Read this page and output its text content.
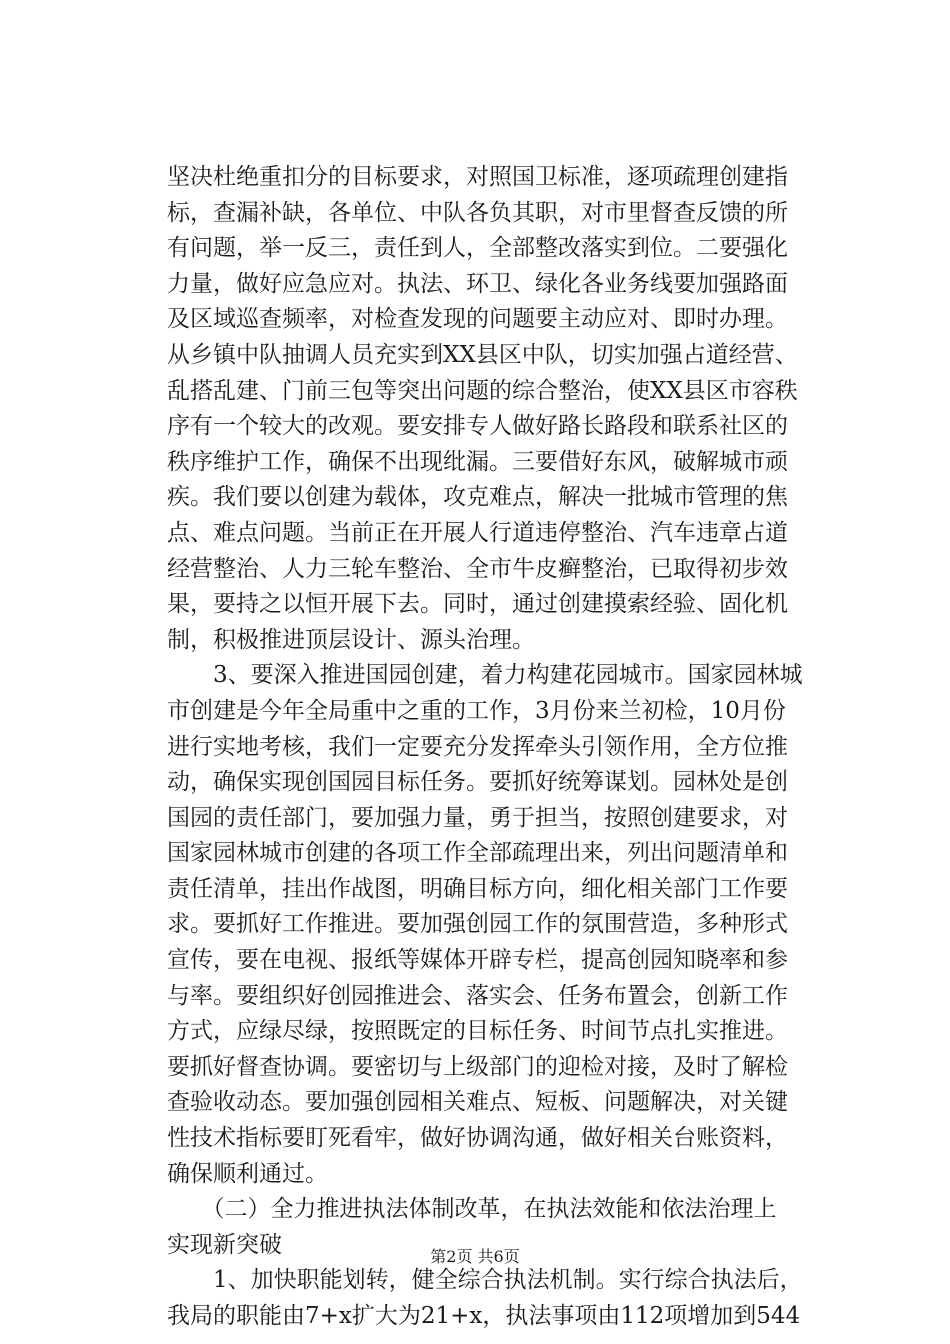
坚决杜绝重扣分的目标要求，对照国卫标准，逐项疏理创建指
标，查漏补缺，各单位、中队各负其职，对市里督查反馈的所
有问题，举一反三，责任到人，全部整改落实到位。二要强化
力量，做好应急应对。执法、环卫、绿化各业务线要加强路面
及区域巡查频率，对检查发现的问题要主动应对、即时办理。
从乡镇中队抽调人员充实到XX县区中队，切实加强占道经营、
乱搭乱建、门前三包等突出问题的综合整治，使XX县区市容秩
序有一个较大的改观。要安排专人做好路长路段和联系社区的
秩序维护工作，确保不出现纰漏。三要借好东风，破解城市顽
疾。我们要以创建为载体，攻克难点，解决一批城市管理的焦
点、难点问题。当前正在开展人行道违停整治、汽车违章占道
经营整治、人力三轮车整治、全市牛皮癣整治，已取得初步效
果，要持之以恒开展下去。同时，通过创建摸索经验、固化机
制，积极推进顶层设计、源头治理。
　　3、要深入推进国园创建，着力构建花园城市。国家园林城
市创建是今年全局重中之重的工作，3月份来兰初检，10月份
进行实地考核，我们一定要充分发挥牵头引领作用，全方位推
动，确保实现创国园目标任务。要抓好统筹谋划。园林处是创
国园的责任部门，要加强力量，勇于担当，按照创建要求，对
国家园林城市创建的各项工作全部疏理出来，列出问题清单和
责任清单，挂出作战图，明确目标方向，细化相关部门工作要
求。要抓好工作推进。要加强创园工作的氛围营造，多种形式
宣传，要在电视、报纸等媒体开辟专栏，提高创园知晓率和参
与率。要组织好创园推进会、落实会、任务布置会，创新工作
方式，应绿尽绿，按照既定的目标任务、时间节点扎实推进。
要抓好督查协调。要密切与上级部门的迎检对接，及时了解检
查验收动态。要加强创园相关难点、短板、问题解决，对关键
性技术指标要盯死看牢，做好协调沟通，做好相关台账资料，
确保顺利通过。
　　（二）全力推进执法体制改革，在执法效能和依法治理上
实现新突破
　　1、加快职能划转，健全综合执法机制。实行综合执法后，
我局的职能由7+x扩大为21+x，执法事项由112项增加到544
第2页 共6页
